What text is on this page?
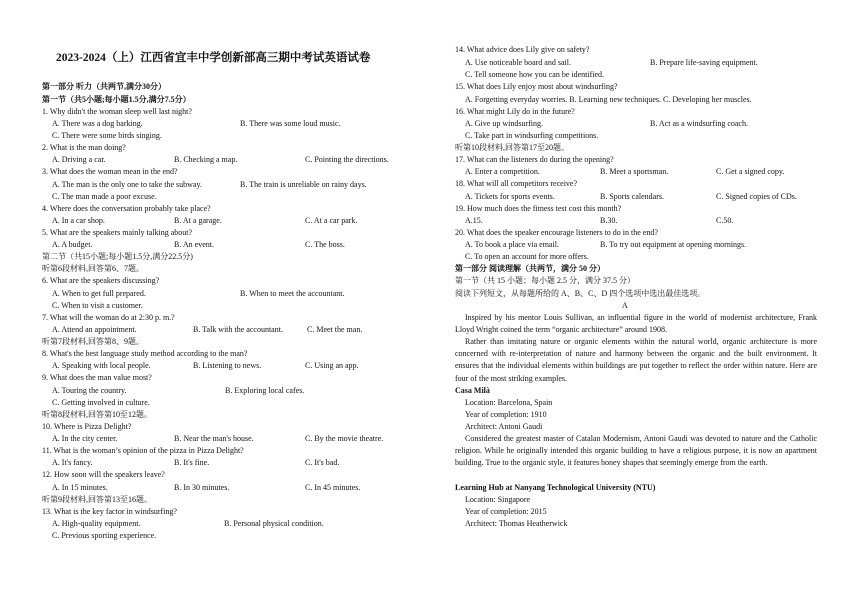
2023-2024（上）江西省宜丰中学创新部高三期中考试英语试卷
第一部分 听力（共两节,满分30分）
第一节（共5小题;每小题1.5分,满分7.5分）
1. Why didn't the woman sleep well last night?
A. There was a dog barking.	B. There was some loud music.
C. There were some birds singing.
2. What is the man doing?
A. Driving a car.	B. Checking a map.	C. Pointing the directions.
3. What does the woman mean in the end?
A. The man is the only one to take the subway.	B. The train is unreliable on rainy days.
C. The man made a poor excuse.
4. Where does the conversation probably take place?
A. In a car shop.	B. At a garage.	C. At a car park.
5. What are the speakers mainly talking about?
A. A budget.	B. An event.	C. The boss.
第二节（共15小题;每小题1.5分,满分22.5分)
听第6段材料,回答第6、7题。
6. What are the speakers discussing?
A. When to get full prepared.	B. When to meet the accountant.
C. When to visit a customer.
7. What will the woman do at 2:30 p. m.?
A. Attend an appointment.	B. Talk with the accountant.	C. Meet the man.
听第7段材料,回答第8、9题。
8. What's the best language study method according to the man?
A. Speaking with local people.	B. Listening to news.	C. Using an app.
9. What does the man value most?
A. Touring the country.	B. Exploring local cafes.
C. Getting involved in culture.
听第8段材料,回答第10至12题。
10. Where is Pizza Delight?
A. In the city center.	B. Near the man's house.	C. By the movie theatre.
11. What is the woman’s opinion of the pizza in Pizza Delight?
A. It's fancy.	B. It's fine.	C. It's bad.
12. How soon will the speakers leave?
A. In 15 minutes.	B. In 30 minutes.	C. In 45 minutes.
听第9段材料,回答第13至16题。
13. What is the key factor in windsurfing?
A. High-quality equipment.	B. Personal physical condition.
C. Previous sporting experience.
14. What advice does Lily give on safety?
A. Use noticeable board and sail.	B. Prepare life-saving equipment.
C. Tell someone how you can be identified.
15. What does Lily enjoy most about windsurfing?
A. Forgetting everyday worries. B. Learning new techniques. C. Developing her muscles.
16. What might Lily do in the future?
A. Give up windsurfing.	B. Act as a windsurfing coach.
C. Take part in windsurfing competitions.
听第10段材料,回答第17至20题。
17. What can the listeners do during the opening?
A. Enter a competition.	B. Meet a sportsman.	C. Get a signed copy.
18. What will all competitors receive?
A. Tickets for sports events.	B. Sports calendars.	C. Signed copies of CDs.
19. How much does the fitness test cost this month?
A.15.	B.30.	C.50.
20. What does the speaker encourage listeners to do in the end?
A. To book a place via email.	B. To try out equipment at opening mornings.
C. To open an account for more offers.
第一部分 阅读理解（共两节，满分 50 分）
第一节（共 15 小题；每小题 2.5 分，满分 37.5 分）
阅读下列短文，从每题所给的 A、B、C、D 四个选项中选出最佳选项。
A
Inspired by his mentor Louis Sullivan, an influential figure in the world of modernist architecture, Frank Lloyd Wright coined the term “organic architecture” around 1908.
Rather than imitating nature or organic elements within the natural world, organic architecture is more concerned with re-interpretation of nature and harmony between the organic and the built environment. It ensures that the individual elements within buildings are put together to reflect the order within nature. Here are four of the most striking examples.
Casa Milà
Location: Barcelona, Spain
Year of completion: 1910
Architect: Antoni Gaudi
Considered the greatest master of Catalan Modernism, Antoni Gaudi was devoted to nature and the Catholic religion. While he originally intended this organic building to have a religious purpose, it is now an apartment building. True to the organic style, it features honey shapes that seemingly emerge from the earth.
Learning Hub at Nanyang Technological University (NTU)
Location: Singapore
Year of completion: 2015
Architect: Thomas Heatherwick
